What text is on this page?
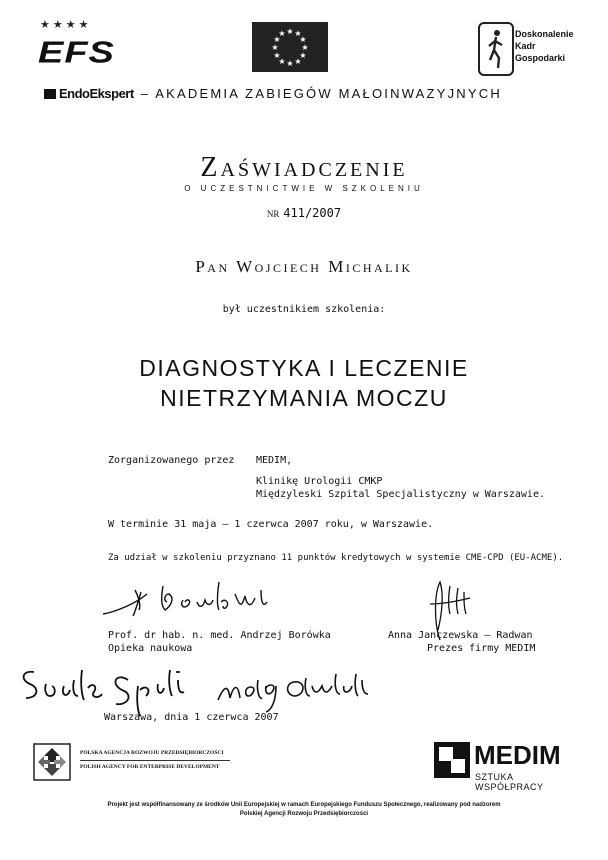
★★★★
EFS
★ ★
★
★
★
★
★
★
★
★
★
★	Doskonalenie Kadr Gospodarki
EndoEkspert – AKADEMIA ZABIEGÓW MAŁOINWAZYJNYCH
Zaświadczenie
O UCZESTNICTWIE W SZKOLENIU
NR 411/2007
Pan Wojciech Michalik
był uczestnikiem szkolenia:
DIAGNOSTYKA I LECZENIE
NIETRZYMANIA MOCZU
Zorganizowanego przez MEDIM,
Klinikę Urologii CMKP
Międzyleski Szpital Specjalistyczny w Warszawie.
W terminie 31 maja – 1 czerwca 2007 roku, w Warszawie.
Za udział w szkoleniu przyznano 11 punktów kredytowych w systemie CME-CPD (EU-ACME).
Prof. dr hab. n. med. Andrzej Borówka
Opieka naukowa
Anna Janczewska – Radwan
Prezes firmy MEDIM
Warszawa, dnia 1 czerwca 2007
POLSKA AGENCJA ROZWOJU PRZEDSIĘBIORCZOŚCI
POLISH AGENCY FOR ENTERPRISE DEVELOPMENT	MEDIM
SZTUKA WSPÓŁPRACY
Projekt jest współfinansowany ze środków Unii Europejskiej w ramach Europejskiego Funduszu Społecznego, realizowany pod nadzorem
Polskiej Agencji Rozwoju Przedsiębiorczości
